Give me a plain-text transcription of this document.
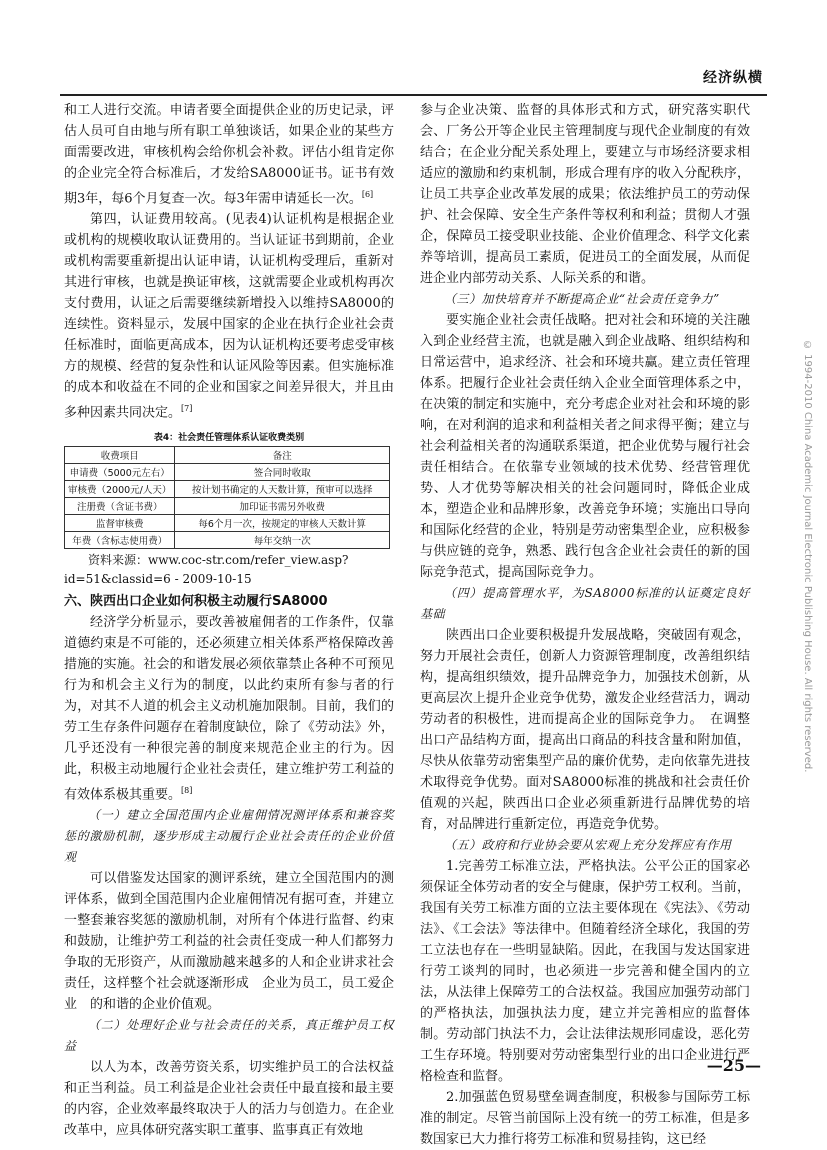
经济纵横

和工人进行交流。申请者要全面提供企业的历史记录，评估人员可自由地与所有职工单独谈话，如果企业的某些方面需要改进，审核机构会给你机会补救。评估小组肯定你的企业完全符合标准后，才发给SA8000证书。证书有效期3年，每6个月复查一次。每3年需申请延长一次。[6]

第四，认证费用较高。(见表4)认证机构是根据企业或机构的规模收取认证费用的。当认证证书到期前，企业或机构需要重新提出认证申请，认证机构受理后，重新对其进行审核，也就是换证审核，这就需要企业或机构再次支付费用，认证之后需要继续新增投入以维持SA8000的连续性。资料显示，发展中国家的企业在执行企业社会责任标准时，面临更高成本，因为认证机构还要考虑受审核方的规模、经营的复杂性和认证风险等因素。但实施标准的成本和收益在不同的企业和国家之间差异很大，并且由多种因素共同决定。[7]

表4：社会责任管理体系认证收费类别
收费项目	备注
申请费（5000元左右）	签合同时收取
审核费（2000元/人天）	按计划书确定的人天数计算，预审可以选择
注册费（含证书费）	加印证书需另外收费
监督审核费	每6个月一次，按规定的审核人天数计算
年费（含标志使用费）	每年交纳一次

资料来源：www.coc-str.com/refer_view.asp?id=51&classid=6 - 2009-10-15

六、陕西出口企业如何积极主动履行SA8000

经济学分析显示，要改善被雇佣者的工作条件，仅靠道德约束是不可能的，还必须建立相关体系严格保障改善措施的实施。社会的和谐发展必须依靠禁止各种不可预见行为和机会主义行为的制度，以此约束所有参与者的行为，对其不人道的机会主义动机施加限制。目前，我们的劳工生存条件问题存在着制度缺位，除了《劳动法》外，几乎还没有一种很完善的制度来规范企业主的行为。因此，积极主动地履行企业社会责任，建立维护劳工利益的有效体系极其重要。[8]

（一）建立全国范围内企业雇佣情况测评体系和兼容奖惩的激励机制，逐步形成主动履行企业社会责任的企业价值观

可以借鉴发达国家的测评系统，建立全国范围内的测评体系，做到全国范围内企业雇佣情况有据可查，并建立一整套兼容奖惩的激励机制，对所有个体进行监督、约束和鼓励，让维护劳工利益的社会责任变成一种人们都努力争取的无形资产，从而激励越来越多的人和企业讲求社会责任，这样整个社会就逐渐形成　企业为员工，员工爱企业　的和谐的企业价值观。

（二）处理好企业与社会责任的关系，真正维护员工权益

以人为本，改善劳资关系，切实维护员工的合法权益和正当利益。员工利益是企业社会责任中最直接和最主要的内容，企业效率最终取决于人的活力与创造力。在企业改革中，应具体研究落实职工董事、监事真正有效地

参与企业决策、监督的具体形式和方式，研究落实职代会、厂务公开等企业民主管理制度与现代企业制度的有效结合；在企业分配关系处理上，要建立与市场经济要求相适应的激励和约束机制，形成合理有序的收入分配秩序，让员工共享企业改革发展的成果；依法维护员工的劳动保护、社会保障、安全生产条件等权利和利益；贯彻人才强企，保障员工接受职业技能、企业价值理念、科学文化素养等培训，提高员工素质，促进员工的全面发展，从而促进企业内部劳动关系、人际关系的和谐。

（三）加快培育并不断提高企业“社会责任竞争力”

要实施企业社会责任战略。把对社会和环境的关注融入到企业经营主流，也就是融入到企业战略、组织结构和日常运营中，追求经济、社会和环境共赢。建立责任管理体系。把履行企业社会责任纳入企业全面管理体系之中，在决策的制定和实施中，充分考虑企业对社会和环境的影响，在对利润的追求和利益相关者之间求得平衡；建立与社会利益相关者的沟通联系渠道，把企业优势与履行社会责任相结合。在依靠专业领域的技术优势、经营管理优势、人才优势等解决相关的社会问题同时，降低企业成本，塑造企业和品牌形象，改善竞争环境；实施出口导向和国际化经营的企业，特别是劳动密集型企业，应积极参与供应链的竞争，熟悉、践行包含企业社会责任的新的国际竞争范式，提高国际竞争力。

（四）提高管理水平，为SA8000标准的认证奠定良好基础

陕西出口企业要积极提升发展战略，突破固有观念，努力开展社会责任，创新人力资源管理制度，改善组织结构，提高组织绩效，提升品牌竞争力，加强技术创新，从更高层次上提升企业竞争优势，激发企业经营活力，调动劳动者的积极性，进而提高企业的国际竞争力。　在调整出口产品结构方面，提高出口商品的科技含量和附加值，尽快从依靠劳动密集型产品的廉价优势，走向依靠先进技术取得竞争优势。面对SA8000标准的挑战和社会责任价值观的兴起，陕西出口企业必须重新进行品牌优势的培育，对品牌进行重新定位，再造竞争优势。

（五）政府和行业协会要从宏观上充分发挥应有作用

1.完善劳工标准立法，严格执法。公平公正的国家必须保证全体劳动者的安全与健康，保护劳工权利。当前，我国有关劳工标准方面的立法主要体现在《宪法》、《劳动法》、《工会法》等法律中。但随着经济全球化，我国的劳工立法也存在一些明显缺陷。因此，在我国与发达国家进行劳工谈判的同时，也必须进一步完善和健全国内的立法，从法律上保障劳工的合法权益。我国应加强劳动部门的严格执法，加强执法力度，建立并完善相应的监督体制。劳动部门执法不力，会让法律法规形同虚设，恶化劳工生存环境。特别要对劳动密集型行业的出口企业进行严格检查和监督。

2.加强蓝色贸易壁垒调查制度，积极参与国际劳工标准的制定。尽管当前国际上没有统一的劳工标准，但是多数国家已大力推行将劳工标准和贸易挂钩，这已经

—25—
© 1994-2010 China Academic Journal Electronic Publishing House. All rights reserved.
